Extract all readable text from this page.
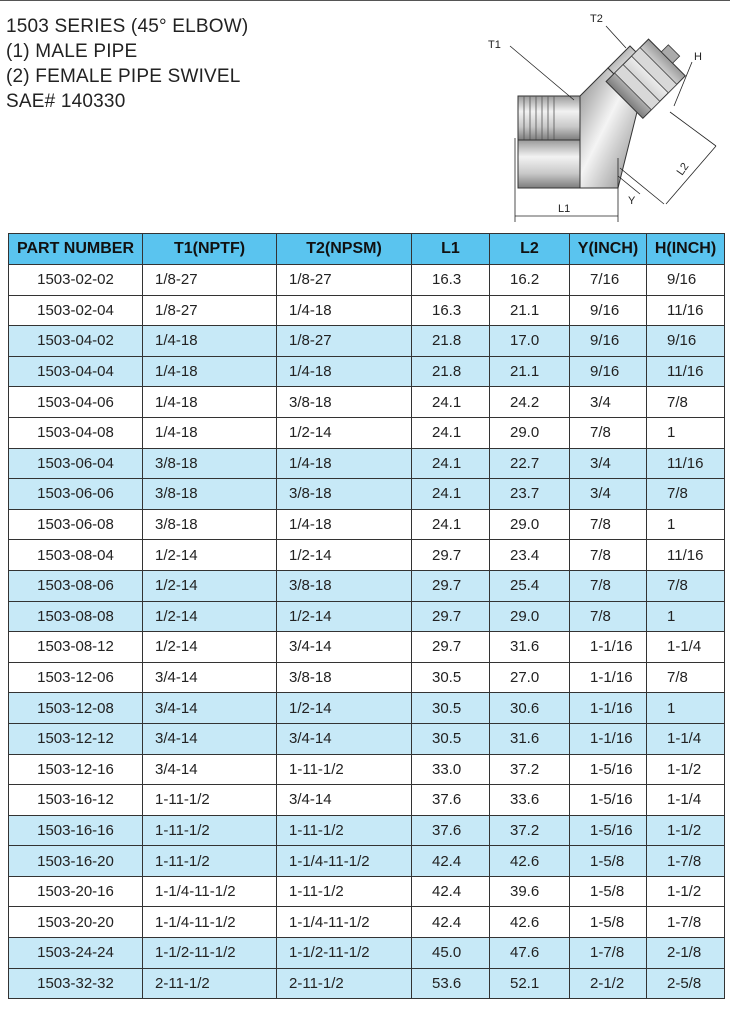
1503 SERIES (45° ELBOW)
(1) MALE PIPE
(2) FEMALE PIPE SWIVEL
SAE# 140330
T1
T2
H
L1
L2
Y
PART NUMBER	T1(NPTF)	T2(NPSM)	L1	L2	Y(INCH)	H(INCH)
1503-02-02	1/8-27	1/8-27	16.3	16.2	7/16	9/16
1503-02-04	1/8-27	1/4-18	16.3	21.1	9/16	11/16
1503-04-02	1/4-18	1/8-27	21.8	17.0	9/16	9/16
1503-04-04	1/4-18	1/4-18	21.8	21.1	9/16	11/16
1503-04-06	1/4-18	3/8-18	24.1	24.2	3/4	7/8
1503-04-08	1/4-18	1/2-14	24.1	29.0	7/8	1
1503-06-04	3/8-18	1/4-18	24.1	22.7	3/4	11/16
1503-06-06	3/8-18	3/8-18	24.1	23.7	3/4	7/8
1503-06-08	3/8-18	1/4-18	24.1	29.0	7/8	1
1503-08-04	1/2-14	1/2-14	29.7	23.4	7/8	11/16
1503-08-06	1/2-14	3/8-18	29.7	25.4	7/8	7/8
1503-08-08	1/2-14	1/2-14	29.7	29.0	7/8	1
1503-08-12	1/2-14	3/4-14	29.7	31.6	1-1/16	1-1/4
1503-12-06	3/4-14	3/8-18	30.5	27.0	1-1/16	7/8
1503-12-08	3/4-14	1/2-14	30.5	30.6	1-1/16	1
1503-12-12	3/4-14	3/4-14	30.5	31.6	1-1/16	1-1/4
1503-12-16	3/4-14	1-11-1/2	33.0	37.2	1-5/16	1-1/2
1503-16-12	1-11-1/2	3/4-14	37.6	33.6	1-5/16	1-1/4
1503-16-16	1-11-1/2	1-11-1/2	37.6	37.2	1-5/16	1-1/2
1503-16-20	1-11-1/2	1-1/4-11-1/2	42.4	42.6	1-5/8	1-7/8
1503-20-16	1-1/4-11-1/2	1-11-1/2	42.4	39.6	1-5/8	1-1/2
1503-20-20	1-1/4-11-1/2	1-1/4-11-1/2	42.4	42.6	1-5/8	1-7/8
1503-24-24	1-1/2-11-1/2	1-1/2-11-1/2	45.0	47.6	1-7/8	2-1/8
1503-32-32	2-11-1/2	2-11-1/2	53.6	52.1	2-1/2	2-5/8
